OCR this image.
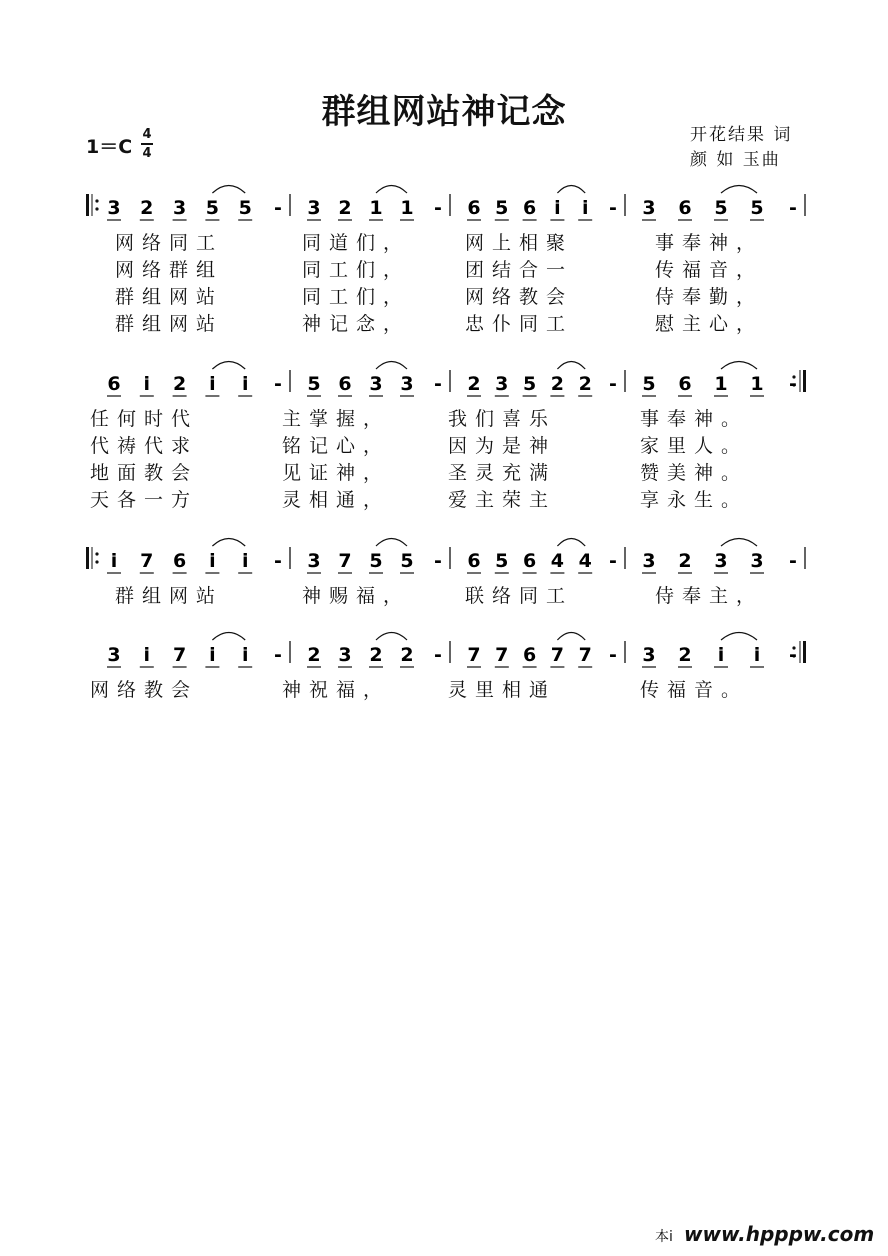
群组网站神记念
1＝C
4
4
开花结果 词
颜 如 玉曲
3 2 3 5 5 - 3 2 1 1 - 6 5 6 i i - 3 6 5 5 -
6 i 2 i i - 5 6 3 3 - 2 3 5 2 2 - 5 6 1 1 -
i 7 6 i i - 3 7 5 5 - 6 5 6 4 4 - 3 2 3 3 -
3 i 7 i i - 2 3 2 2 - 7 7 6 7 7 - 3 2 i i -
网络同工	同道们，	网上相聚	事奉神，
网络群组	同工们，	团结合一	传福音，
群组网站	同工们，	网络教会	侍奉勤，
群组网站	神记念，	忠仆同工	慰主心，
任何时代	主掌握，	我们喜乐	事奉神。
代祷代求	铭记心，	因为是神	家里人。
地面教会	见证神，	圣灵充满	赞美神。
天各一方	灵相通，	爱主荣主	享永生。
群组网站	神赐福，	联络同工	侍奉主，
网络教会	神祝福，	灵里相通	传福音。
本i www.hpppw.com
